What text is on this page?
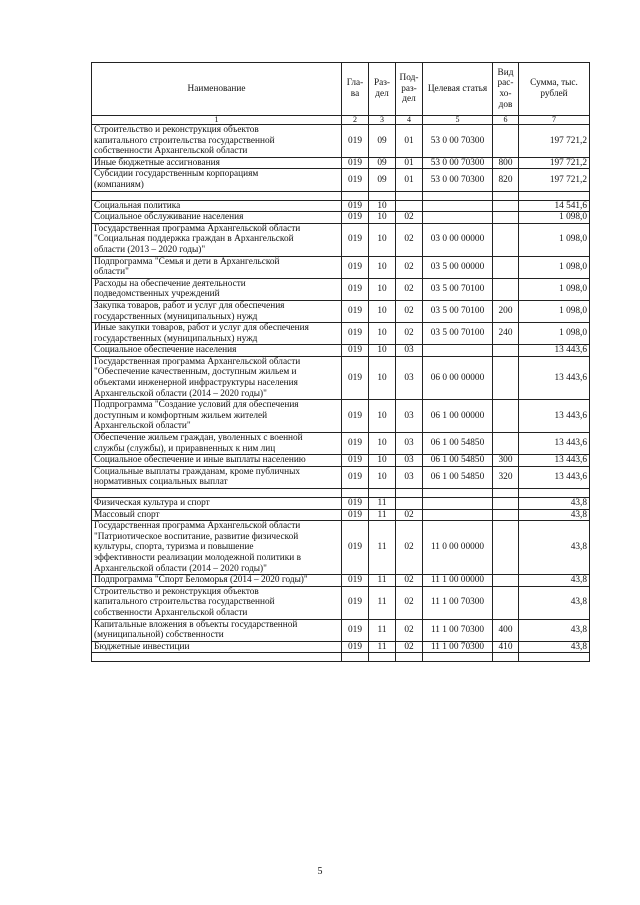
Наименование	Гла-ва	Раз-дел	Под-раз-дел	Целевая статья	Вид рас-хо-дов	Сумма, тыс. рублей
1	2	3	4	5	6	7

Строительство и реконструкция объектов
капитального строительства государственной
собственности Архангельской области	019	09	01	53 0 00 70300		197 721,2

Иные бюджетные ассигнования	019	09	01	53 0 00 70300	800	197 721,2

Субсидии государственным корпорациям
(компаниям)	019	09	01	53 0 00 70300	820	197 721,2

Социальная политика	019	10				14 541,6

Социальное обслуживание населения	019	10	02			1 098,0

Государственная программа Архангельской области
"Социальная поддержка граждан в Архангельской
области (2013 – 2020 годы)"	019	10	02	03 0 00 00000		1 098,0

Подпрограмма "Семья и дети в Архангельской
области"	019	10	02	03 5 00 00000		1 098,0

Расходы на обеспечение деятельности
подведомственных учреждений	019	10	02	03 5 00 70100		1 098,0

Закупка товаров, работ и услуг для обеспечения
государственных (муниципальных) нужд	019	10	02	03 5 00 70100	200	1 098,0

Иные закупки товаров, работ и услуг для обеспечения
государственных (муниципальных) нужд	019	10	02	03 5 00 70100	240	1 098,0

Социальное обеспечение населения	019	10	03			13 443,6

Государственная программа Архангельской области
"Обеспечение качественным, доступным жильем и
объектами инженерной инфраструктуры населения
Архангельской области (2014 – 2020 годы)"	019	10	03	06 0 00 00000		13 443,6

Подпрограмма "Создание условий для обеспечения
доступным и комфортным жильем жителей
Архангельской области"	019	10	03	06 1 00 00000		13 443,6

Обеспечение жильем граждан, уволенных с военной
службы (службы), и приравненных к ним лиц	019	10	03	06 1 00 54850		13 443,6

Социальное обеспечение и иные выплаты населению	019	10	03	06 1 00 54850	300	13 443,6

Социальные выплаты гражданам, кроме публичных
нормативных социальных выплат	019	10	03	06 1 00 54850	320	13 443,6

Физическая культура и спорт	019	11				43,8

Массовый спорт	019	11	02			43,8

Государственная программа Архангельской области
"Патриотическое воспитание, развитие физической
культуры, спорта, туризма и повышение
эффективности реализации молодежной политики в
Архангельской области (2014 – 2020 годы)"	019	11	02	11 0 00 00000		43,8

Подпрограмма "Спорт Беломорья (2014 – 2020 годы)"	019	11	02	11 1 00 00000		43,8

Строительство и реконструкция объектов
капитального строительства государственной
собственности Архангельской области	019	11	02	11 1 00 70300		43,8

Капитальные вложения в объекты государственной
(муниципальной) собственности	019	11	02	11 1 00 70300	400	43,8

Бюджетные инвестиции	019	11	02	11 1 00 70300	410	43,8

5
